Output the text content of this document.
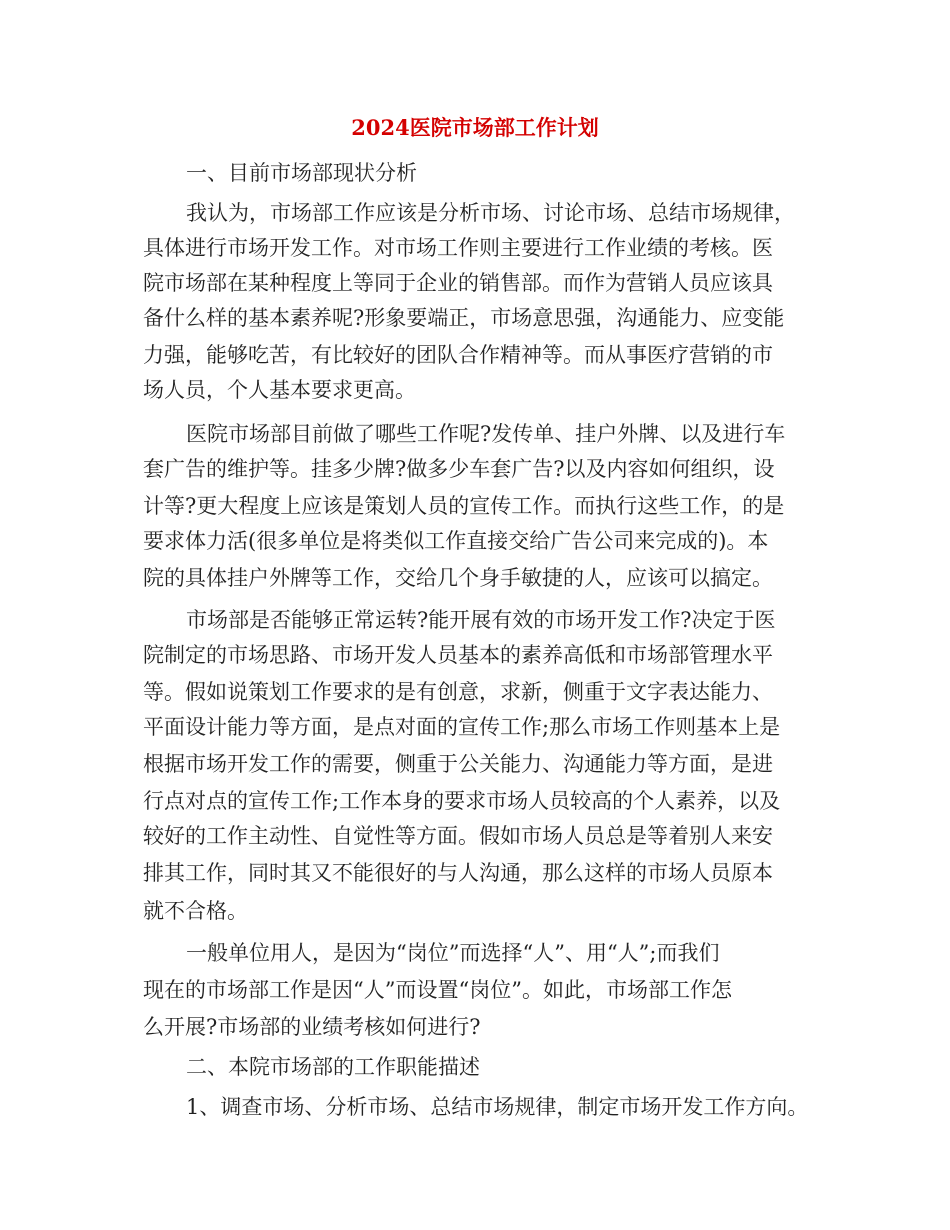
2024医院市场部工作计划
一、目前市场部现状分析
我认为，市场部工作应该是分析市场、讨论市场、总结市场规律，
具体进行市场开发工作。对市场工作则主要进行工作业绩的考核。医
院市场部在某种程度上等同于企业的销售部。而作为营销人员应该具
备什么样的基本素养呢?形象要端正，市场意思强，沟通能力、应变能
力强，能够吃苦，有比较好的团队合作精神等。而从事医疗营销的市
场人员，个人基本要求更高。
医院市场部目前做了哪些工作呢?发传单、挂户外牌、以及进行车
套广告的维护等。挂多少牌?做多少车套广告?以及内容如何组织，设
计等?更大程度上应该是策划人员的宣传工作。而执行这些工作，的是
要求体力活(很多单位是将类似工作直接交给广告公司来完成的)。本
院的具体挂户外牌等工作，交给几个身手敏捷的人，应该可以搞定。
市场部是否能够正常运转?能开展有效的市场开发工作?决定于医
院制定的市场思路、市场开发人员基本的素养高低和市场部管理水平
等。假如说策划工作要求的是有创意，求新，侧重于文字表达能力、
平面设计能力等方面，是点对面的宣传工作;那么市场工作则基本上是
根据市场开发工作的需要，侧重于公关能力、沟通能力等方面，是进
行点对点的宣传工作;工作本身的要求市场人员较高的个人素养，以及
较好的工作主动性、自觉性等方面。假如市场人员总是等着别人来安
排其工作，同时其又不能很好的与人沟通，那么这样的市场人员原本
就不合格。
一般单位用人，是因为“岗位”而选择“人”、用“人”;而我们
现在的市场部工作是因“人”而设置“岗位”。如此，市场部工作怎
么开展?市场部的业绩考核如何进行?
二、本院市场部的工作职能描述
1、调查市场、分析市场、总结市场规律，制定市场开发工作方向。
